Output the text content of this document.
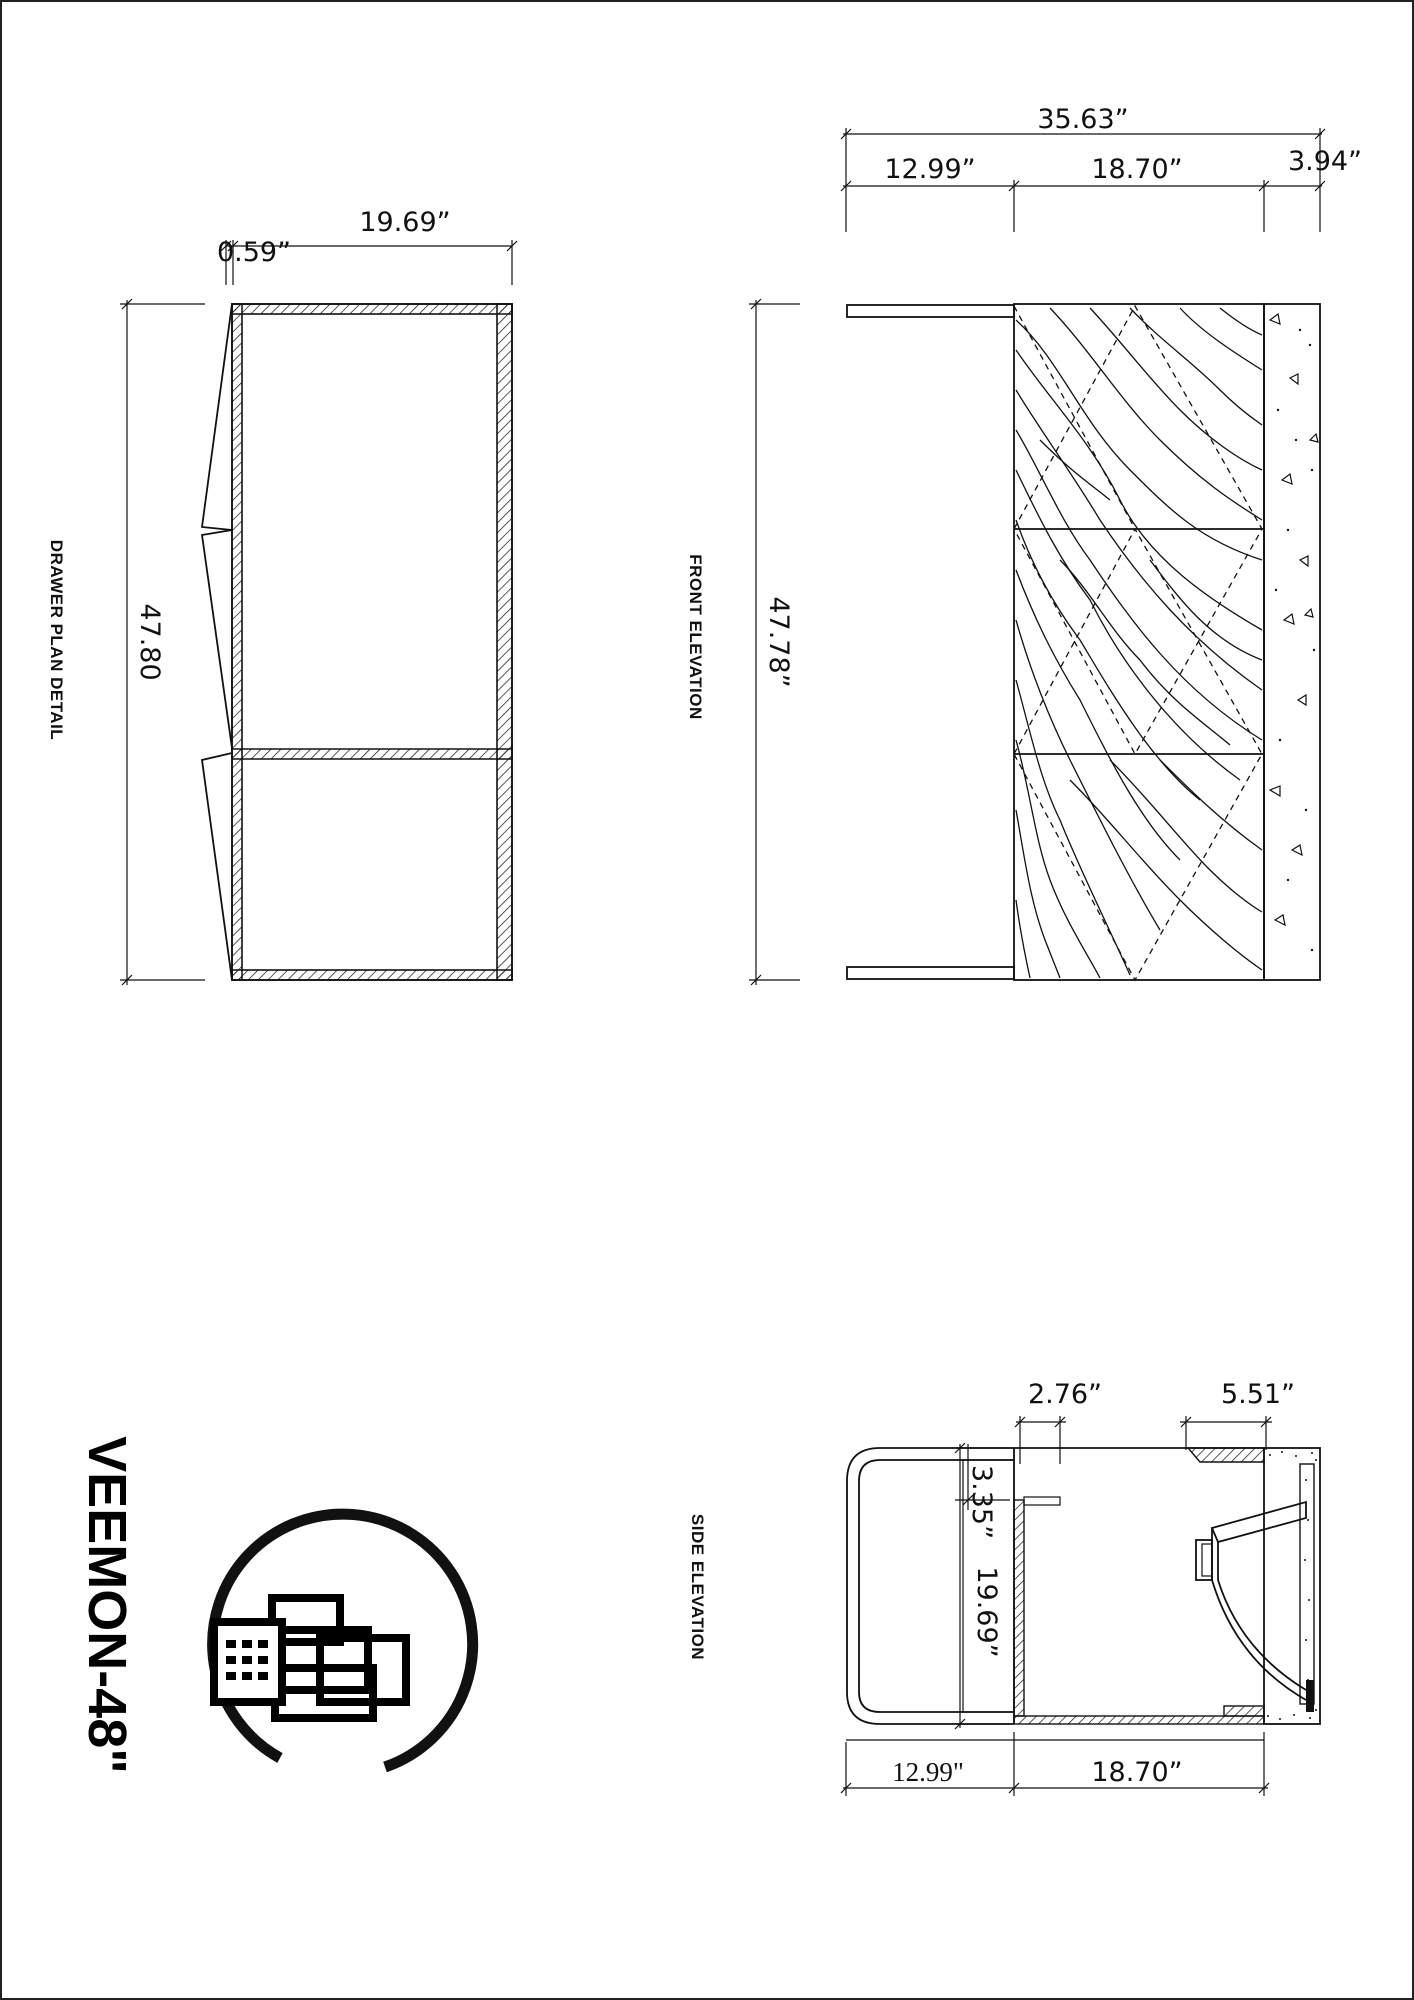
19.69”
0.59”
47.80
DRAWER PLAN DETAIL
35.63”
12.99”	18.70”	3.94”
47.78”
FRONT ELEVATION
VEEMON-48"
2.76”	5.51”
3.35”
19.69”
12.99"	18.70”
SIDE ELEVATION
